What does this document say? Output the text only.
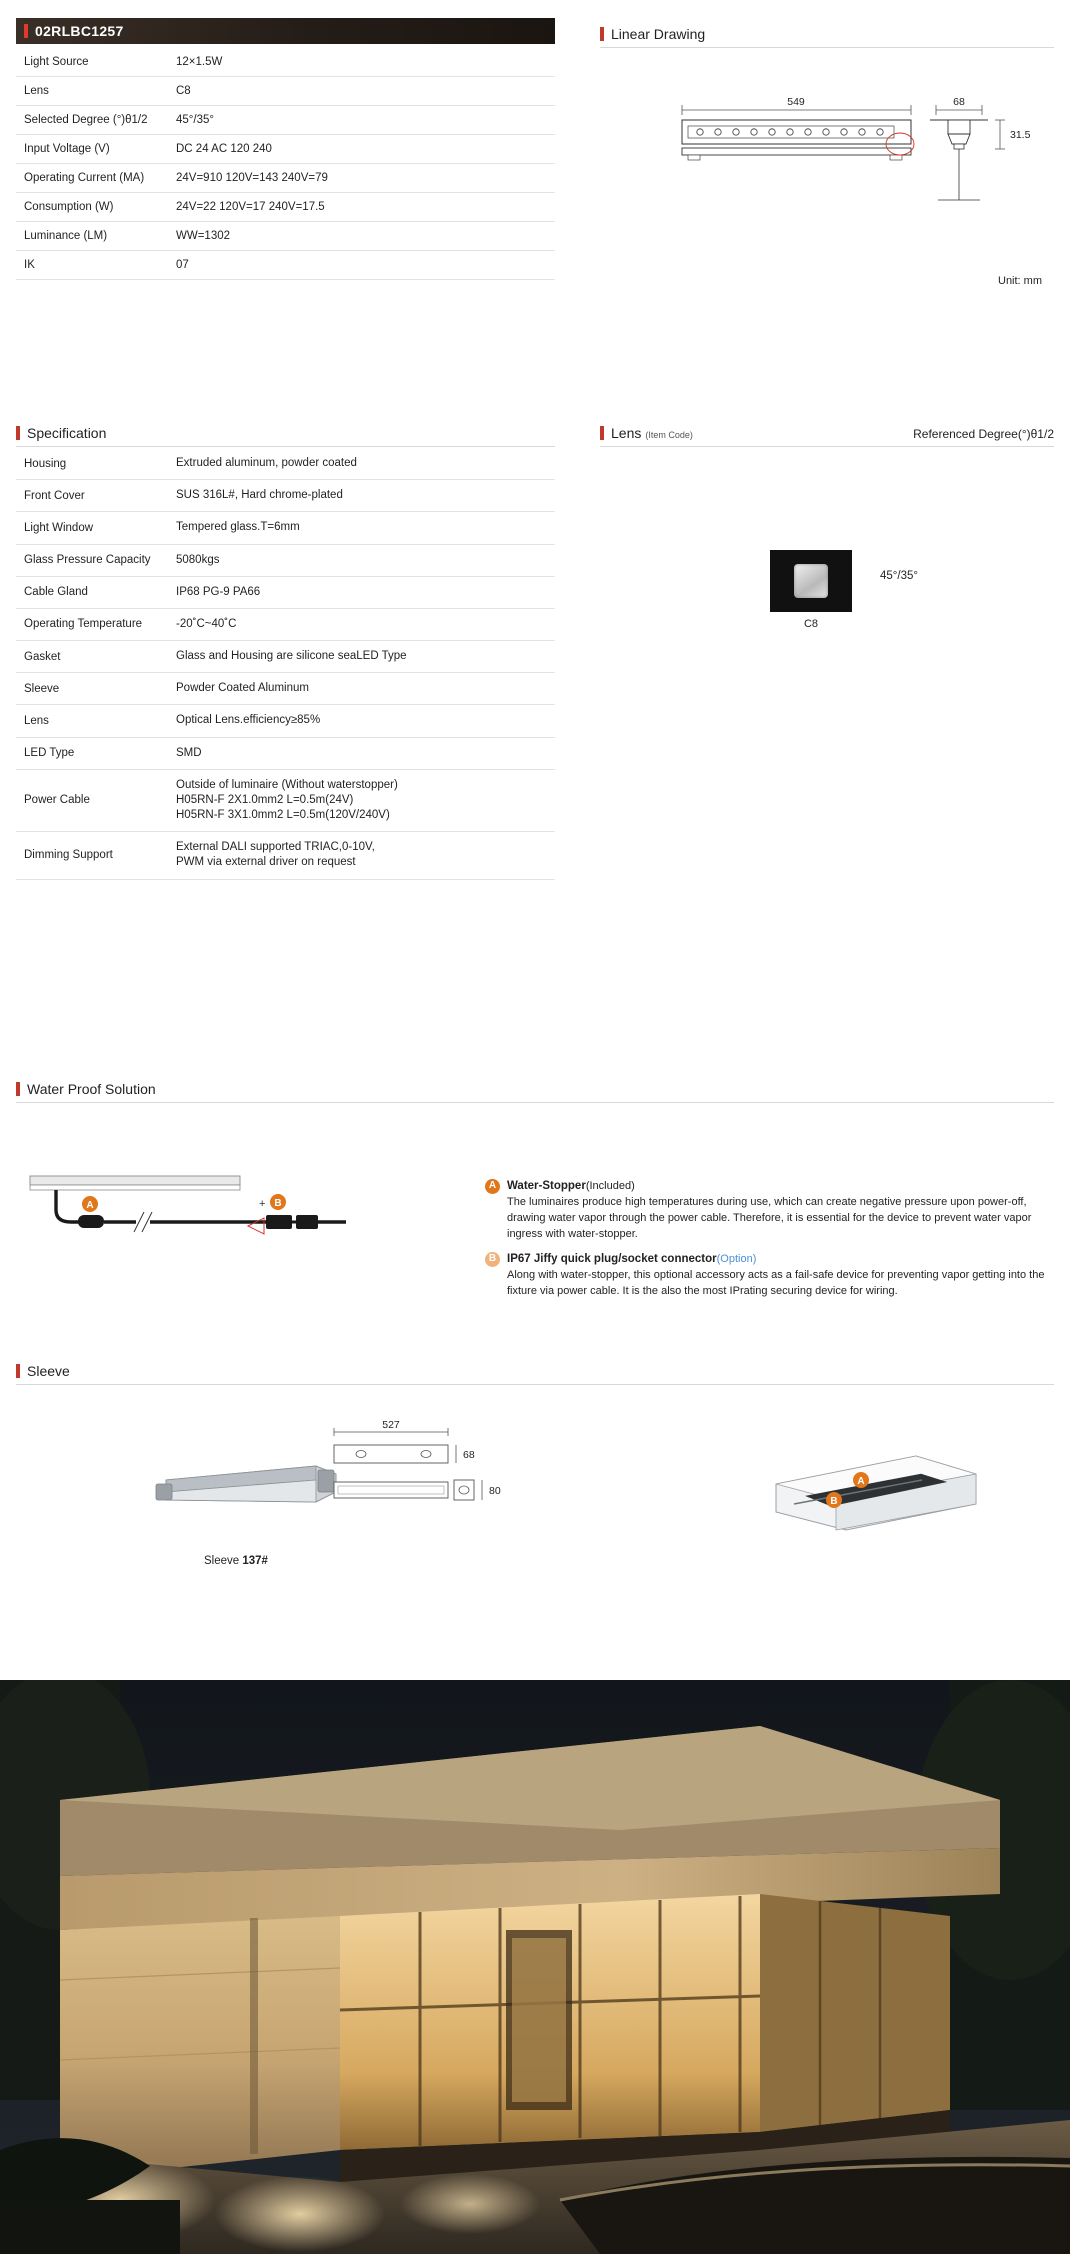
02RLBC1257
Light Source	12×1.5W
Lens	C8
Selected Degree (°)θ1/2	45°/35°
Input Voltage (V)	DC 24 AC 120 240
Operating Current (MA)	24V=910 120V=143 240V=79
Consumption (W)	24V=22 120V=17 240V=17.5
Luminance (LM)	WW=1302
IK	07
Specification
Housing	Extruded aluminum, powder coated
Front Cover	SUS 316L#, Hard chrome-plated
Light Window	Tempered glass.T=6mm
Glass Pressure Capacity	5080kgs
Cable Gland	IP68 PG-9 PA66
Operating Temperature	-20˚C~40˚C
Gasket	Glass and Housing are silicone seaLED Type
Sleeve	Powder Coated Aluminum
Lens	Optical Lens.efficiency≥85%
LED Type	SMD
Power Cable	Outside of luminaire (Without waterstopper)
H05RN-F 2X1.0mm2 L=0.5m(24V)
H05RN-F 3X1.0mm2 L=0.5m(120V/240V)
Dimming Support	External DALI supported TRIAC,0-10V,
PWM via external driver on request
Linear Drawing
549	68
31.5
Unit: mm
Lens (Item Code)	Referenced Degree(°)θ1/2
C8
45°/35°
Water Proof Solution
+
A	B
A Water-Stopper(Included)
The luminaires produce high temperatures during use, which can create negative pressure upon power-off, drawing water vapor through the power cable. Therefore, it is essential for the device to prevent water vapor ingress with water-stopper.
B IP67 Jiffy quick plug/socket connector(Option)
Along with water-stopper, this optional accessory acts as a fail-safe device for preventing vapor getting into the fixture via power cable. It is the also the most IPrating securing device for wiring.
Sleeve
527
68
80
A
B
Sleeve 137#
